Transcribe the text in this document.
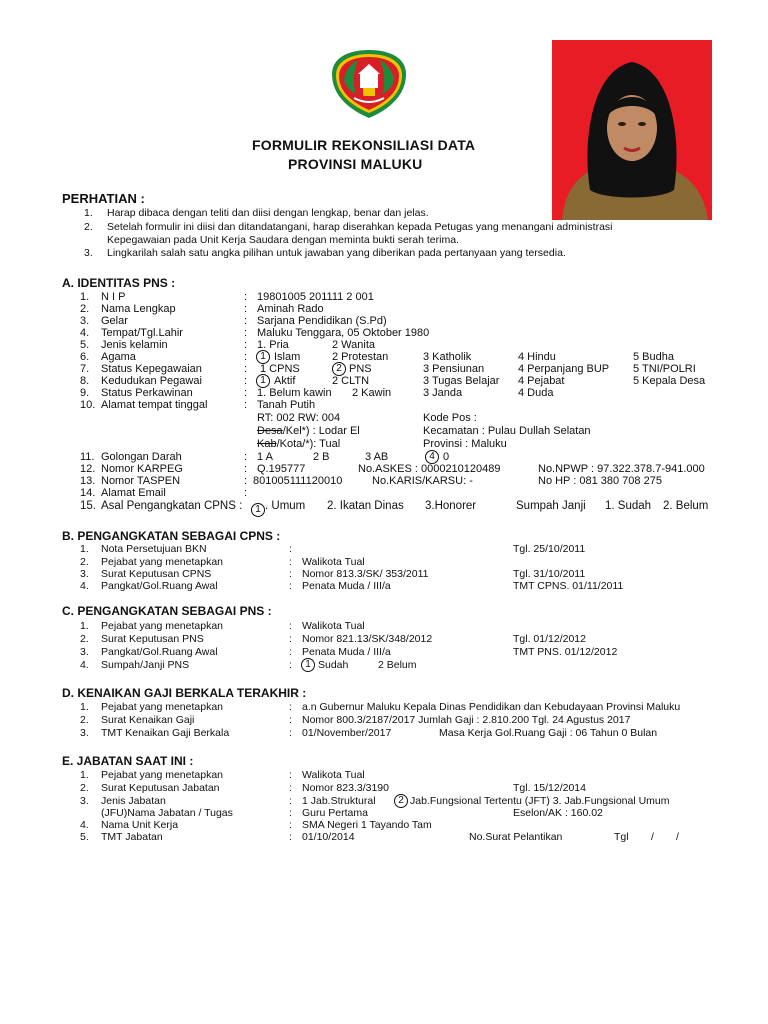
FORMULIR REKONSILIASI DATA
PROVINSI MALUKU
PERHATIAN :
1. Harap dibaca dengan teliti dan diisi dengan lengkap, benar dan jelas.
2. Setelah formulir ini diisi dan ditandatangani, harap diserahkan kepada Petugas yang menangani administrasi
Kepegawaian pada Unit Kerja Saudara dengan meminta bukti serah terima.
3. Lingkarilah salah satu angka pilihan untuk jawaban yang diberikan pada pertanyaan yang tersedia.
A. IDENTITAS PNS :
1. N I P	: 19801005 201111 2 001
2. Nama Lengkap	: Aminah Rado
3. Gelar	: Sarjana Pendidikan (S.Pd)
4. Tempat/Tgl.Lahir	: Maluku Tenggara, 05 Oktober 1980
5. Jenis kelamin	: 1. Pria	2 Wanita
6. Agama	:	1 Islam	2 Protestan	3 Katholik	4 Hindu	5 Budha
7. Status Kepegawaian	: 1 CPNS	2 PNS	3 Pensiunan	4 Perpanjang BUP 5 TNI/POLRI
8. Kedudukan Pegawai	:	1 Aktif	2 CLTN	3 Tugas Belajar 4 Pejabat	5 Kepala Desa
9. Status Perkawinan	: 1. Belum kawin 2 Kawin	3 Janda	4 Duda
10. Alamat tempat tinggal	: Tanah Putih
RT: 002 RW: 004	Kode Pos :
Desa/Kel*) : Lodar El	Kecamatan : Pulau Dullah Selatan
Kab/Kota/*): Tual	Provinsi : Maluku
11. Golongan Darah	: 1 A	2 B	3 AB	4 0
12. Nomor KARPEG	: Q.195777	No.ASKES : 0000210120489	No.NPWP : 97.322.378.7-941.000
13. Nomor TASPEN	: 801005111120010	No.KARIS/KARSU: -	No HP : 081 380 708 275
14. Alamat Email	:
15. Asal Pengangkatan CPNS :	1 . Umum 2. Ikatan Dinas 3.Honorer	Sumpah Janji 1. Sudah 2. Belum
B. PENGANGKATAN SEBAGAI CPNS :
1. Nota Persetujuan BKN	:	Tgl. 25/10/2011
2. Pejabat yang menetapkan	: Walikota Tual
3. Surat Keputusan CPNS	: Nomor 813.3/SK/ 353/2011	Tgl. 31/10/2011
4. Pangkat/Gol.Ruang Awal	: Penata Muda / III/a	TMT CPNS. 01/11/2011
C. PENGANGKATAN SEBAGAI PNS :
1. Pejabat yang menetapkan	: Walikota Tual
2. Surat Keputusan PNS	: Nomor 821.13/SK/348/2012	Tgl. 01/12/2012
3. Pangkat/Gol.Ruang Awal	: Penata Muda / III/a	TMT PNS. 01/12/2012
4. Sumpah/Janji PNS	:	1 Sudah	2 Belum
D. KENAIKAN GAJI BERKALA TERAKHIR :
1. Pejabat yang menetapkan	: a.n Gubernur Maluku Kepala Dinas Pendidikan dan Kebudayaan Provinsi Maluku
2. Surat Kenaikan Gaji	: Nomor 800.3/2187/2017 Jumlah Gaji : 2.810.200 Tgl. 24 Agustus 2017
3. TMT Kenaikan Gaji Berkala	: 01/November/2017	Masa Kerja Gol.Ruang Gaji : 06 Tahun 0 Bulan
E. JABATAN SAAT INI :
1. Pejabat yang menetapkan	: Walikota Tual
2. Surat Keputusan Jabatan	: Nomor 823.3/3190	Tgl. 15/12/2014
3. Jenis Jabatan	: 1 Jab.Struktural	2 Jab.Fungsional Tertentu (JFT) 3. Jab.Fungsional Umum
(JFU)Nama Jabatan / Tugas	: Guru Pertama	Eselon/AK : 160.02
4. Nama Unit Kerja	: SMA Negeri 1 Tayando Tam
5. TMT Jabatan	: 01/10/2014	No.Surat Pelantikan	Tgl / /
